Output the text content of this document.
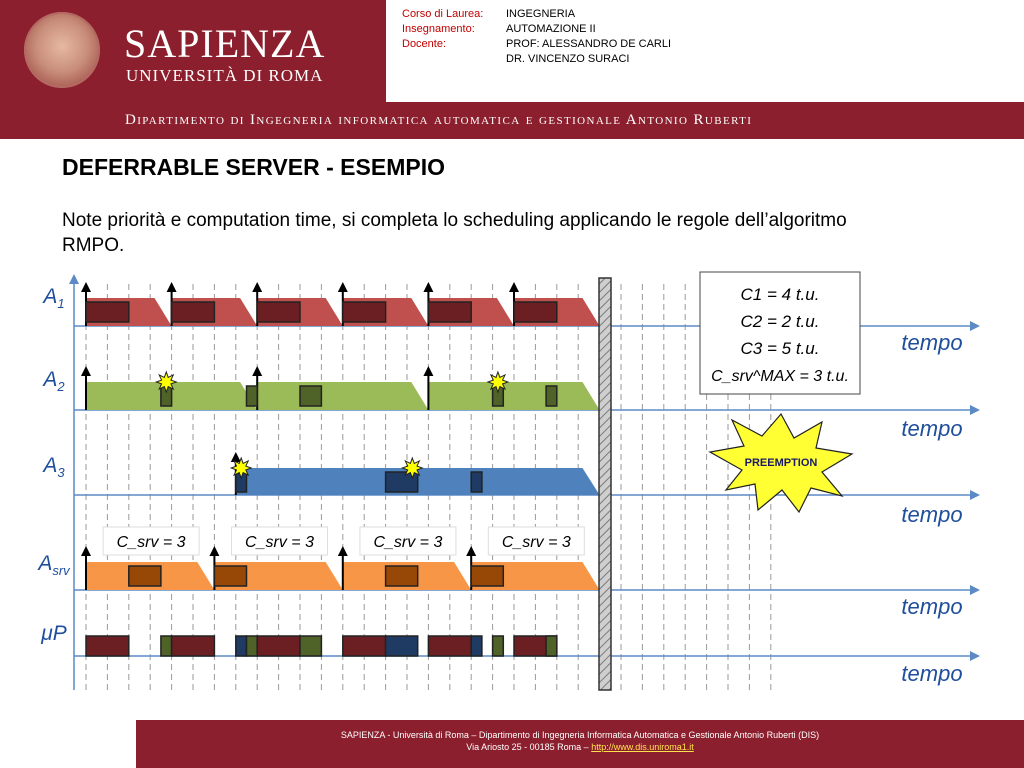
SAPIENZA
UNIVERSITÀ DI ROMA
Dipartimento di Ingegneria informatica automatica e gestionale Antonio Ruberti
Corso di Laurea: INGEGNERIA
Insegnamento:	AUTOMAZIONE II
Docente:	PROF: ALESSANDRO DE CARLI
DR. VINCENZO SURACI
DEFERRABLE SERVER - ESEMPIO
Note priorità e computation time, si completa lo scheduling applicando le regole dell’algoritmo RMPO.
tempo
$A_1$
tempo
$A_2$
tempo
$A_3$
tempo
$A_{srv}$
C_srv = 3	C_srv = 3	C_srv = 3	C_srv = 3
tempo
μP
C1 = 4 t.u.
C2 = 2 t.u.
C3 = 5 t.u.
C_srv^MAX = 3 t.u.
PREEMPTION
SAPIENZA - Università di Roma – Dipartimento di Ingegneria Informatica Automatica e Gestionale Antonio Ruberti (DIS)
Via Ariosto 25 - 00185 Roma – http://www.dis.uniroma1.it
